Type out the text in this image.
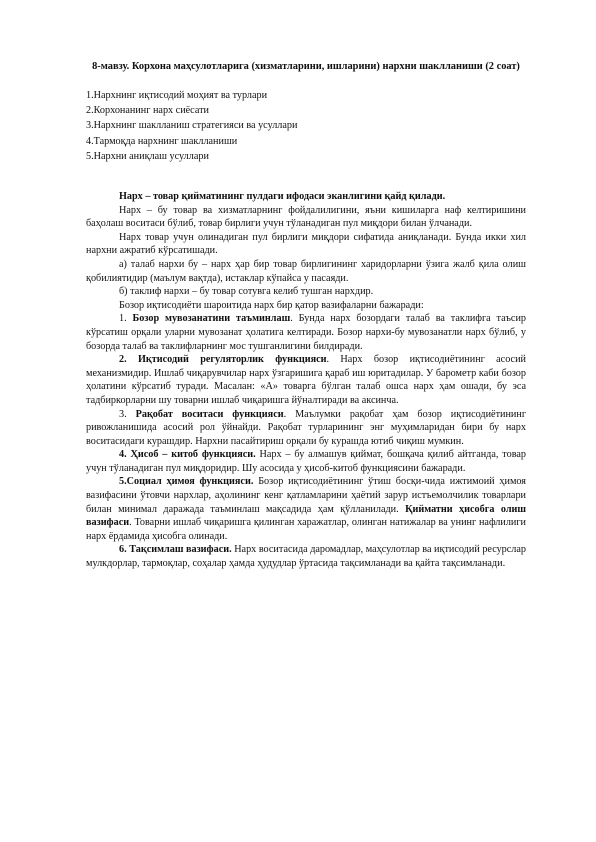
8-мавзу. Корхона маҳсулотларига (хизматларини, ишларини) нархни шаклланиши (2 соат)
1.Нархнинг иқтисодий моҳият ва турлари
2.Корхонанинг нарх сиёсати
3.Нархнинг шаклланиш стратегияси ва усуллари
4.Тармоқда нархнинг шаклланиши
5.Нархни аниқлаш усуллари

Нарх – товар қийматининг пулдаги ифодаси эканлигини қайд қилади.

Нарх – бу товар ва хизматларнинг фойдалилигини, яъни кишиларга наф келтиришини баҳолаш воситаси бўлиб, товар бирлиги учун тўланадиган пул миқдори билан ўлчанади.

Нарх товар учун олинадиган пул бирлиги миқдори сифатида аниқланади. Бунда икки хил нархни ажратиб кўрсатишади.

а) талаб нархи бу – нарх ҳар бир товар бирлигининг харидорларни ўзига жалб қила олиш қобилиятидир (маълум вақтда), истаклар кўпайса у пасаяди.

б) таклиф нархи – бу товар сотувга келиб тушган нархдир.

Бозор иқтисодиёти шароитида нарх бир қатор вазифаларни бажаради:

1. Бозор мувозанатини таъминлаш. Бунда нарх бозордаги талаб ва таклифга таъсир кўрсатиш орқали уларни мувозанат ҳолатига келтиради. Бозор нархи-бу мувозанатли нарх бўлиб, у бозорда талаб ва таклифларнинг мос тушганлигини билдиради.

2. Иқтисодий регуляторлик функцияси. Нарх бозор иқтисодиётининг асосий механизмидир. Ишлаб чиқарувчилар нарх ўзгаришига қараб иш юритадилар. У барометр каби бозор ҳолатини кўрсатиб туради. Масалан: «А» товарга бўлган талаб ошса нарх ҳам ошади, бу эса тадбиркорларни шу товарни ишлаб чиқаришга йўналтиради ва аксинча.

3. Рақобат воситаси функцияси. Маълумки рақобат ҳам бозор иқтисодиётининг ривожланишида асосий рол ўйнайди. Рақобат турларининг энг муҳимларидан бири бу нарх воситасидаги курашдир. Нархни пасайтириш орқали бу курашда ютиб чиқиш мумкин.

4. Ҳисоб – китоб функцияси. Нарх – бу алмашув қиймат, бошқача қилиб айтганда, товар учун тўланадиган пул миқдоридир. Шу асосида у ҳисоб-китоб функциясини бажаради.

5.Социал ҳимоя функцияси. Бозор иқтисодиётининг ўтиш босқи-чида ижтимоий ҳимоя вазифасини ўтовчи нархлар, аҳолининг кенг қатламларини ҳаётий зарур истъемолчилик товарлари билан минимал даражада таъминлаш мақсадида ҳам қўлланилади. Қийматни ҳисобга олиш вазифаси. Товарни ишлаб чиқаришга қилинган харажатлар, олинган натижалар ва унинг нафлилиги нарх ёрдамида ҳисобга олинади.

6. Тақсимлаш вазифаси. Нарх воситасида даромадлар, маҳсулотлар ва иқтисодий ресурслар мулкдорлар, тармоқлар, соҳалар ҳамда ҳудудлар ўртасида тақсимланади ва қайта тақсимланади.
